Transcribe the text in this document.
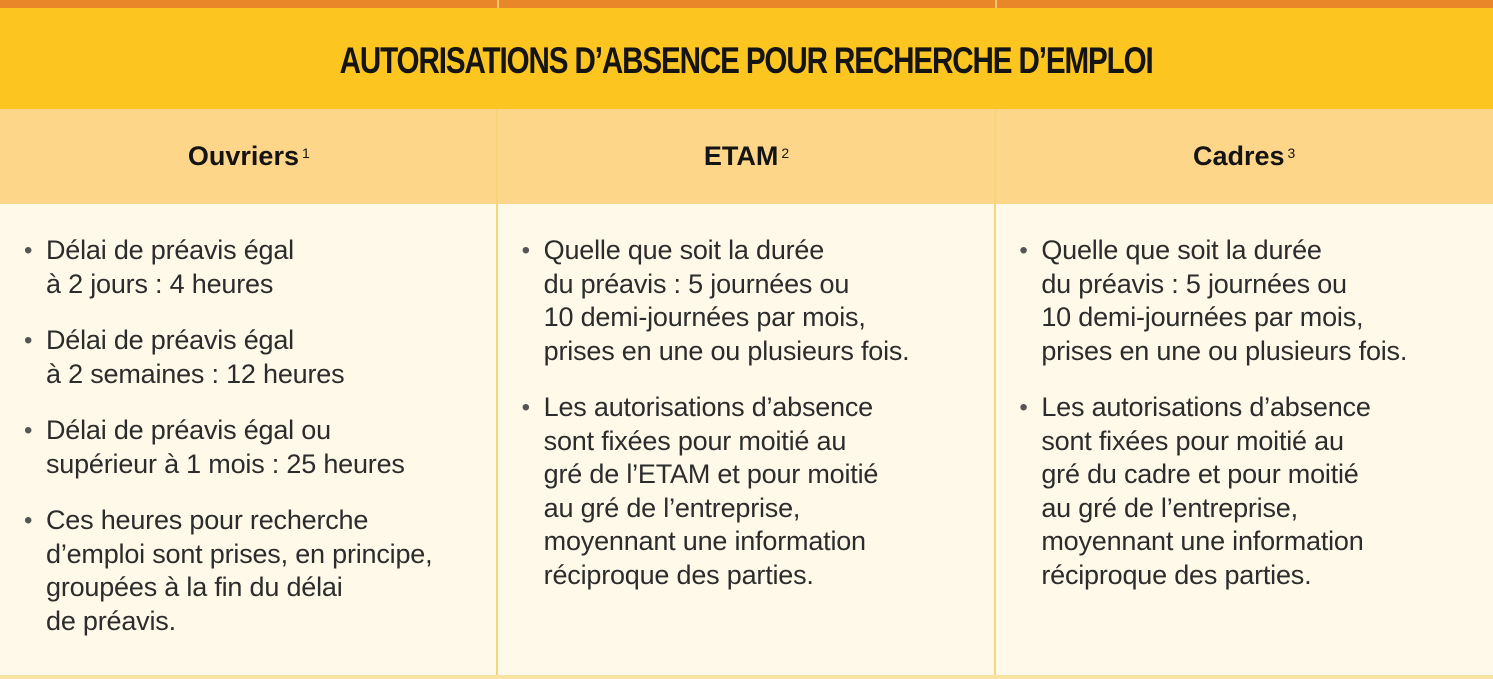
AUTORISATIONS D’ABSENCE POUR RECHERCHE D’EMPLOI
Ouvriers 1	ETAM 2	Cadres 3
• Délai de préavis égal
à 2 jours : 4 heures
• Délai de préavis égal
à 2 semaines : 12 heures
• Délai de préavis égal ou
supérieur à 1 mois : 25 heures
• Ces heures pour recherche
d’emploi sont prises, en principe,
groupées à la fin du délai
de préavis.
• Quelle que soit la durée
du préavis : 5 journées ou
10 demi-journées par mois,
prises en une ou plusieurs fois.
• Les autorisations d’absence
sont fixées pour moitié au
gré de l’ETAM et pour moitié
au gré de l’entreprise,
moyennant une information
réciproque des parties.
• Quelle que soit la durée
du préavis : 5 journées ou
10 demi-journées par mois,
prises en une ou plusieurs fois.
• Les autorisations d’absence
sont fixées pour moitié au
gré du cadre et pour moitié
au gré de l’entreprise,
moyennant une information
réciproque des parties.
